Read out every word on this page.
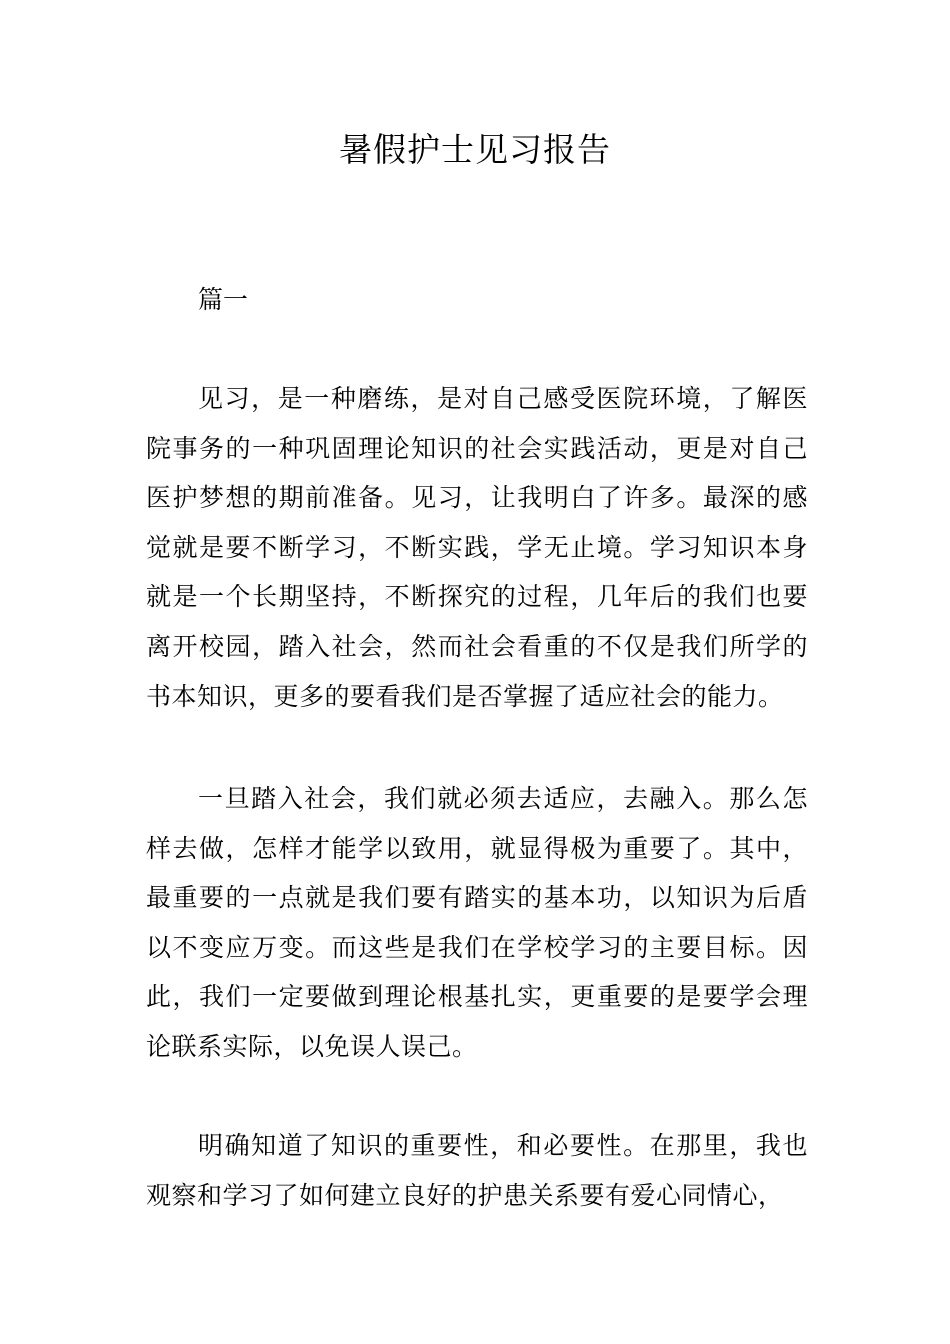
暑假护士见习报告

篇一

见习，是一种磨练，是对自己感受医院环境，了解医院事务的一种巩固理论知识的社会实践活动，更是对自己医护梦想的期前准备。见习，让我明白了许多。最深的感觉就是要不断学习，不断实践，学无止境。学习知识本身就是一个长期坚持，不断探究的过程，几年后的我们也要离开校园，踏入社会，然而社会看重的不仅是我们所学的书本知识，更多的要看我们是否掌握了适应社会的能力。

一旦踏入社会，我们就必须去适应，去融入。那么怎样去做，怎样才能学以致用，就显得极为重要了。其中，最重要的一点就是我们要有踏实的基本功，以知识为后盾以不变应万变。而这些是我们在学校学习的主要目标。因此，我们一定要做到理论根基扎实，更重要的是要学会理论联系实际，以免误人误己。

明确知道了知识的重要性，和必要性。在那里，我也观察和学习了如何建立良好的护患关系要有爱心同情心，
